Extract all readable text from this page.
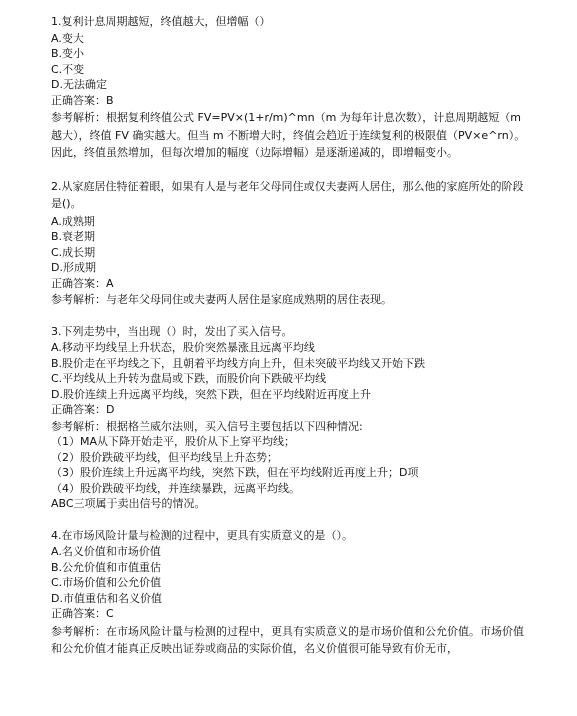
1.复利计息周期越短，终值越大，但增幅（）
A.变大
B.变小
C.不变
D.无法确定
正确答案：B
参考解析：根据复利终值公式 FV=PV×(1+r/m)^mn（m 为每年计息次数），计息周期越短（m 越大），终值 FV 确实越大。但当 m 不断增大时，终值会趋近于连续复利的极限值（PV×e^rn）。因此，终值虽然增加，但每次增加的幅度（边际增幅）是逐渐递减的，即增幅变小。
2.从家庭居住特征着眼，如果有人是与老年父母同住或仅夫妻两人居住，那么他的家庭所处的阶段是()。
A.成熟期
B.衰老期
C.成长期
D.形成期
正确答案：A
参考解析：与老年父母同住或夫妻两人居住是家庭成熟期的居住表现。
3.下列走势中，当出现（）时，发出了买入信号。
A.移动平均线呈上升状态，股价突然暴涨且远离平均线
B.股价走在平均线之下，且朝着平均线方向上升，但未突破平均线又开始下跌
C.平均线从上升转为盘局或下跌，而股价向下跌破平均线
D.股价连续上升远离平均线，突然下跌，但在平均线附近再度上升
正确答案：D
参考解析：根据格兰威尔法则，买入信号主要包括以下四种情况:
（1）MA从下降开始走平，股价从下上穿平均线；
（2）股价跌破平均线，但平均线呈上升态势；
（3）股价连续上升远离平均线，突然下跌，但在平均线附近再度上升；D项
（4）股价跌破平均线，并连续暴跌，远离平均线。
ABC三项属于卖出信号的情况。
4.在市场风险计量与检测的过程中，更具有实质意义的是（）。
A.名义价值和市场价值
B.公允价值和市值重估
C.市场价值和公允价值
D.市值重估和名义价值
正确答案：C
参考解析：在市场风险计量与检测的过程中，更具有实质意义的是市场价值和公允价值。市场价值和公允价值才能真正反映出证券或商品的实际价值，名义价值很可能导致有价无市，
